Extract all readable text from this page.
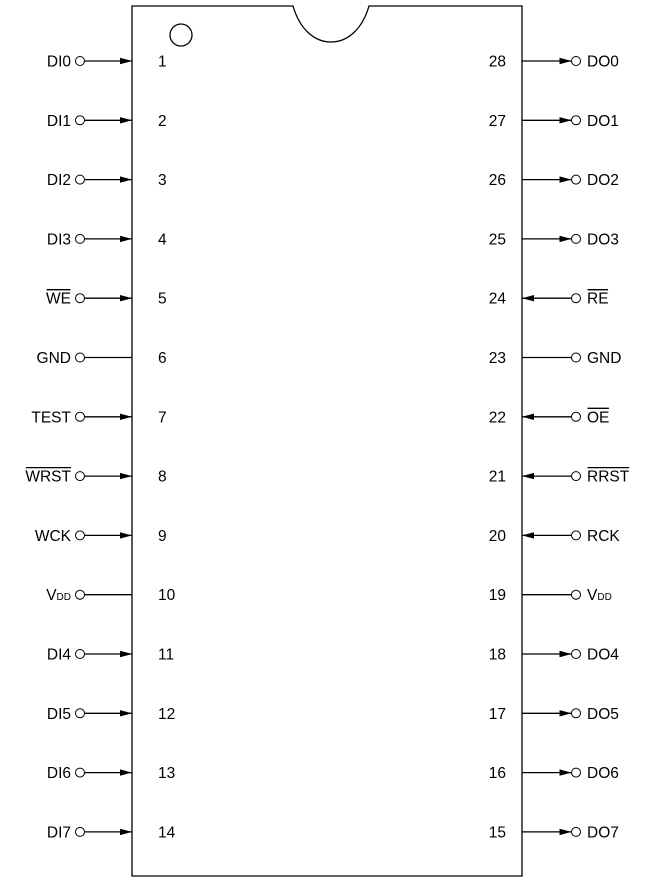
DI0	1
DI1	2
DI2	3
DI3	4
WE	5
GND	6
TEST	7
WRST	8
WCK	9
VDD	10
DI4	11
DI5	12
DI6	13
DI7	14
28	DO0
27	DO1
26	DO2
25	DO3
24	RE
23	GND
22	OE
21	RRST
20	RCK
19	VDD
18	DO4
17	DO5
16	DO6
15	DO7
